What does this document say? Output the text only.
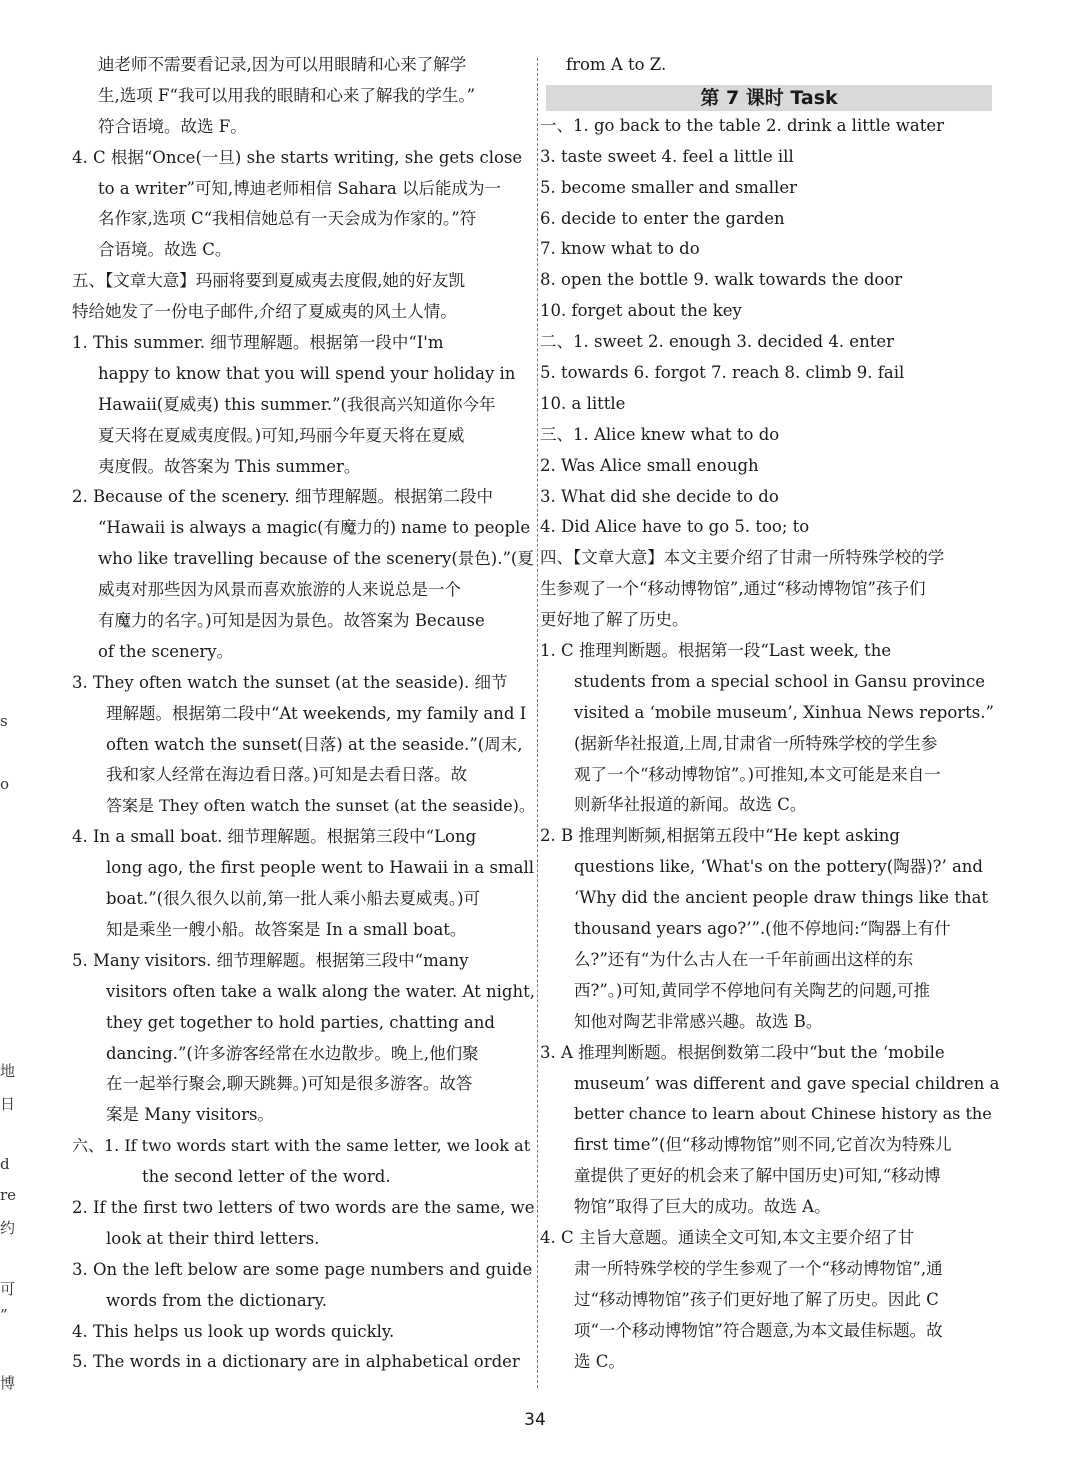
迪老师不需要看记录,因为可以用眼睛和心来了解学
生,选项 F“我可以用我的眼睛和心来了解我的学生。”
符合语境。故选 F。
4. C 根据“Once(一旦) she starts writing, she gets close
to a writer”可知,博迪老师相信 Sahara 以后能成为一
名作家,选项 C“我相信她总有一天会成为作家的。”符
合语境。故选 C。
五、【文章大意】玛丽将要到夏威夷去度假,她的好友凯
特给她发了一份电子邮件,介绍了夏威夷的风土人情。
1. This summer. 细节理解题。根据第一段中“I'm
happy to know that you will spend your holiday in
Hawaii(夏威夷) this summer.”(我很高兴知道你今年
夏天将在夏威夷度假。)可知,玛丽今年夏天将在夏威
夷度假。故答案为 This summer。
2. Because of the scenery. 细节理解题。根据第二段中
“Hawaii is always a magic(有魔力的) name to people
who like travelling because of the scenery(景色).”(夏
威夷对那些因为风景而喜欢旅游的人来说总是一个
有魔力的名字。)可知是因为景色。故答案为 Because
of the scenery。
3. They often watch the sunset (at the seaside). 细节
理解题。根据第二段中“At weekends, my family and I
often watch the sunset(日落) at the seaside.”(周末,
我和家人经常在海边看日落。)可知是去看日落。故
答案是 They often watch the sunset (at the seaside)。
4. In a small boat. 细节理解题。根据第三段中“Long
long ago, the first people went to Hawaii in a small
boat.”(很久很久以前,第一批人乘小船去夏威夷。)可
知是乘坐一艘小船。故答案是 In a small boat。
5. Many visitors. 细节理解题。根据第三段中“many
visitors often take a walk along the water. At night,
they get together to hold parties, chatting and
dancing.”(许多游客经常在水边散步。晚上,他们聚
在一起举行聚会,聊天跳舞。)可知是很多游客。故答
案是 Many visitors。
六、1. If two words start with the same letter, we look at
the second letter of the word.
2. If the first two letters of two words are the same, we
look at their third letters.
3. On the left below are some page numbers and guide
words from the dictionary.
4. This helps us look up words quickly.
5. The words in a dictionary are in alphabetical order
from A to Z.
第 7 课时 Task
一、1. go back to the table 2. drink a little water
3. taste sweet 4. feel a little ill
5. become smaller and smaller
6. decide to enter the garden
7. know what to do
8. open the bottle 9. walk towards the door
10. forget about the key
二、1. sweet 2. enough 3. decided 4. enter
5. towards 6. forgot 7. reach 8. climb 9. fail
10. a little
三、1. Alice knew what to do
2. Was Alice small enough
3. What did she decide to do
4. Did Alice have to go 5. too; to
四、【文章大意】本文主要介绍了甘肃一所特殊学校的学
生参观了一个“移动博物馆”,通过“移动博物馆”孩子们
更好地了解了历史。
1. C 推理判断题。根据第一段“Last week, the
students from a special school in Gansu province
visited a ‘mobile museum’, Xinhua News reports.”
(据新华社报道,上周,甘肃省一所特殊学校的学生参
观了一个“移动博物馆”。)可推知,本文可能是来自一
则新华社报道的新闻。故选 C。
2. B 推理判断频,相据第五段中“He kept asking
questions like, ‘What's on the pottery(陶器)?’ and
‘Why did the ancient people draw things like that
thousand years ago?’”.(他不停地问:“陶器上有什
么?”还有“为什么古人在一千年前画出这样的东
西?”。)可知,黄同学不停地问有关陶艺的问题,可推
知他对陶艺非常感兴趣。故选 B。
3. A 推理判断题。根据倒数第二段中“but the ‘mobile
museum’ was different and gave special children a
better chance to learn about Chinese history as the
first time”(但“移动博物馆”则不同,它首次为特殊儿
童提供了更好的机会来了解中国历史)可知,“移动博
物馆”取得了巨大的成功。故选 A。
4. C 主旨大意题。通读全文可知,本文主要介绍了甘
肃一所特殊学校的学生参观了一个“移动博物馆”,通
过“移动博物馆”孩子们更好地了解了历史。因此 C
项“一个移动博物馆”符合题意,为本文最佳标题。故
选 C。
s
o
地
日
d
re
约
可
”
博
34
